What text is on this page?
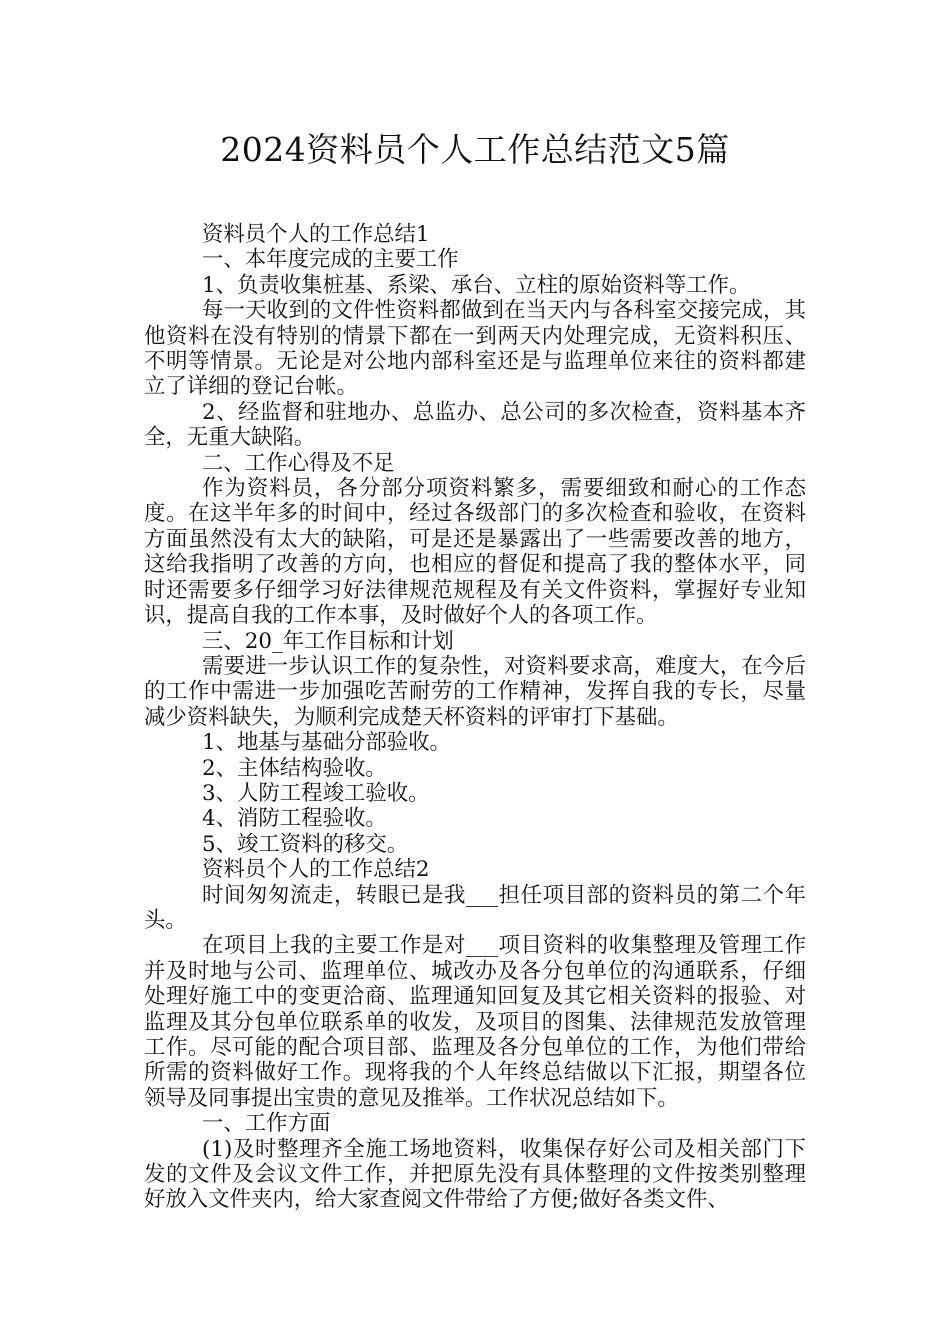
2024资料员个人工作总结范文5篇

资料员个人的工作总结1

一、本年度完成的主要工作

1、负责收集桩基、系梁、承台、立柱的原始资料等工作。

每一天收到的文件性资料都做到在当天内与各科室交接完成，其他资料在没有特别的情景下都在一到两天内处理完成，无资料积压、不明等情景。无论是对公地内部科室还是与监理单位来往的资料都建立了详细的登记台帐。

2、经监督和驻地办、总监办、总公司的多次检查，资料基本齐全，无重大缺陷。

二、工作心得及不足

作为资料员，各分部分项资料繁多，需要细致和耐心的工作态度。在这半年多的时间中，经过各级部门的多次检查和验收，在资料方面虽然没有太大的缺陷，可是还是暴露出了一些需要改善的地方，这给我指明了改善的方向，也相应的督促和提高了我的整体水平，同时还需要多仔细学习好法律规范规程及有关文件资料，掌握好专业知识，提高自我的工作本事，及时做好个人的各项工作。

三、20_年工作目标和计划

需要进一步认识工作的复杂性，对资料要求高，难度大，在今后的工作中需进一步加强吃苦耐劳的工作精神，发挥自我的专长，尽量减少资料缺失，为顺利完成楚天杯资料的评审打下基础。

1、地基与基础分部验收。

2、主体结构验收。

3、人防工程竣工验收。

4、消防工程验收。

5、竣工资料的移交。

资料员个人的工作总结2

时间匆匆流走，转眼已是我___担任项目部的资料员的第二个年头。

在项目上我的主要工作是对___项目资料的收集整理及管理工作并及时地与公司、监理单位、城改办及各分包单位的沟通联系，仔细处理好施工中的变更洽商、监理通知回复及其它相关资料的报验、对监理及其分包单位联系单的收发，及项目的图集、法律规范发放管理工作。尽可能的配合项目部、监理及各分包单位的工作，为他们带给所需的资料做好工作。现将我的个人年终总结做以下汇报，期望各位领导及同事提出宝贵的意见及推举。工作状况总结如下。

一、工作方面

(1)及时整理齐全施工场地资料，收集保存好公司及相关部门下发的文件及会议文件工作，并把原先没有具体整理的文件按类别整理好放入文件夹内，给大家查阅文件带给了方便;做好各类文件、
